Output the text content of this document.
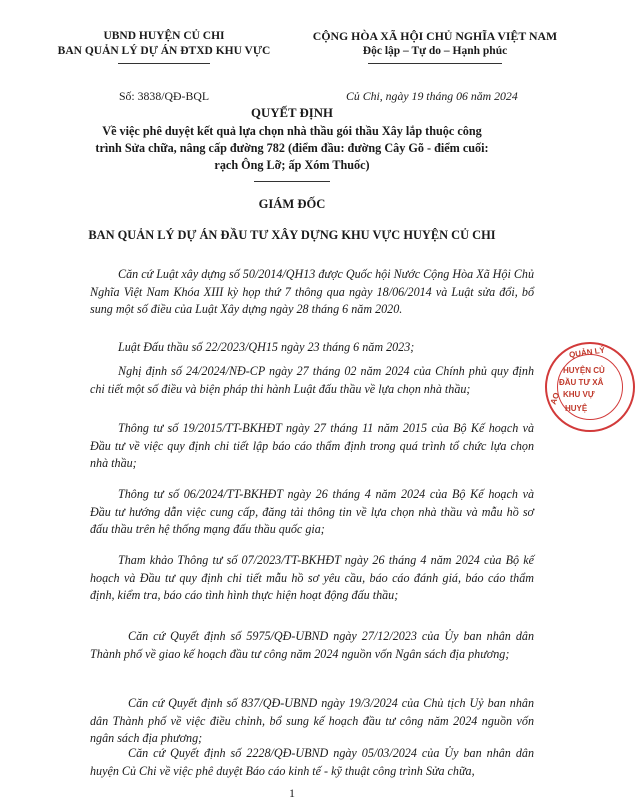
UBND HUYỆN CỦ CHI
BAN QUẢN LÝ DỰ ÁN ĐTXD KHU VỰC
CỘNG HÒA XÃ HỘI CHỦ NGHĨA VIỆT NAM
Độc lập – Tự do – Hạnh phúc
Số: 3838/QĐ-BQL	Củ Chi, ngày 19 tháng 06 năm 2024
QUYẾT ĐỊNH
Về việc phê duyệt kết quả lựa chọn nhà thầu gói thầu Xây lắp thuộc công
trình Sửa chữa, nâng cấp đường 782 (điểm đầu: đường Cây Gõ - điểm cuối:
rạch Ông Lỡ; ấp Xóm Thuốc)
GIÁM ĐỐC
BAN QUẢN LÝ DỰ ÁN ĐẦU TƯ XÂY DỰNG KHU VỰC HUYỆN CỦ CHI
Căn cứ Luật xây dựng số 50/2014/QH13 được Quốc hội Nước Cộng Hòa Xã Hội Chủ Nghĩa Việt Nam Khóa XIII kỳ họp thứ 7 thông qua ngày 18/06/2014 và Luật sửa đổi, bổ sung một số điều của Luật Xây dựng ngày 28 tháng 6 năm 2020.
Luật Đấu thầu số 22/2023/QH15 ngày 23 tháng 6 năm 2023;
Nghị định số 24/2024/NĐ-CP ngày 27 tháng 02 năm 2024 của Chính phủ quy định chi tiết một số điều và biện pháp thi hành Luật đấu thầu về lựa chọn nhà thầu;
Thông tư số 19/2015/TT-BKHĐT ngày 27 tháng 11 năm 2015 của Bộ Kế hoạch và Đầu tư về việc quy định chi tiết lập báo cáo thẩm định trong quá trình tổ chức lựa chọn nhà thầu;
Thông tư số 06/2024/TT-BKHĐT ngày 26 tháng 4 năm 2024 của Bộ Kế hoạch và Đầu tư hướng dẫn việc cung cấp, đăng tải thông tin về lựa chọn nhà thầu và mẫu hồ sơ đấu thầu trên hệ thống mạng đấu thầu quốc gia;
Tham khảo Thông tư số 07/2023/TT-BKHĐT ngày 26 tháng 4 năm 2024 của Bộ kế hoạch và Đầu tư quy định chi tiết mẫu hồ sơ yêu cầu, báo cáo đánh giá, báo cáo thẩm định, kiểm tra, báo cáo tình hình thực hiện hoạt động đấu thầu;
Căn cứ Quyết định số 5975/QĐ-UBND ngày 27/12/2023 của Ủy ban nhân dân Thành phố về giao kế hoạch đầu tư công năm 2024 nguồn vốn Ngân sách địa phương;
Căn cứ Quyết định số 837/QĐ-UBND ngày 19/3/2024 của Chủ tịch Uỷ ban nhân dân Thành phố về việc điều chỉnh, bổ sung kế hoạch đầu tư công năm 2024 nguồn vốn ngân sách địa phương;
Căn cứ Quyết định số 2228/QĐ-UBND ngày 05/03/2024 của Ủy ban nhân dân huyện Củ Chi về việc phê duyệt Báo cáo kinh tế - kỹ thuật công trình Sửa chữa,
1
QUẢN LÝ
HUYỆN CỦ
ĐẦU TƯ XÂ
KHU VỰ
HUYỆ
AO
